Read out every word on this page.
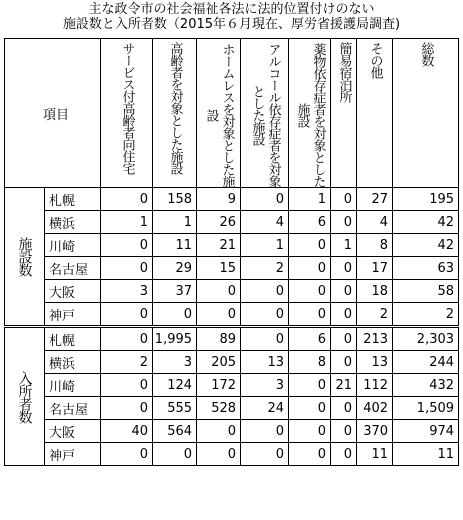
主な政令市の社会福祉各法に法的位置付けのない
施設数と入所者数（2015年６月現在、厚労省援護局調査)
項目		サービス付高齢者向住宅	高齢者を対象とした施設	ホームレスを対象とした施設	アルコール依存症者を対象とした施設	薬物依存症者を対象とした施設	簡易宿泊所	その他	総数

施設数	札幌	0	158	9	0	1	0	27	195
	横浜	1	1	26	4	6	0	4	42
	川崎	0	11	21	1	0	1	8	42
	名古屋	0	29	15	2	0	0	17	63
	大阪	3	37	0	0	0	0	18	58
	神戸	0	0	0	0	0	0	2	2

入所者数	札幌	0	1,995	89	0	6	0	213	2,303
	横浜	2	3	205	13	8	0	13	244
	川崎	0	124	172	3	0	21	112	432
	名古屋	0	555	528	24	0	0	402	1,509
	大阪	40	564	0	0	0	0	370	974
	神戸	0	0	0	0	0	0	11	11
